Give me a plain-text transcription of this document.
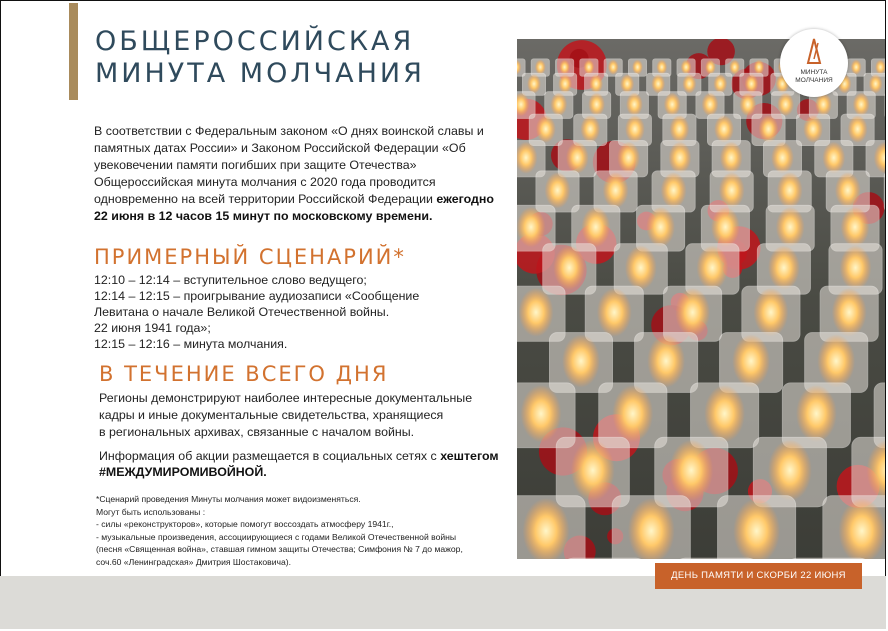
ОБЩЕРОССИЙСКАЯ
МИНУТА МОЛЧАНИЯ
В соответствии с Федеральным законом «О днях воинской славы и памятных датах России» и Законом Российской Федерации «Об увековечении памяти погибших при защите Отечества» Общероссийская минута молчания с 2020 года проводится одновременно на всей территории Российской Федерации ежегодно 22 июня в 12 часов 15 минут по московскому времени.
ПРИМЕРНЫЙ СЦЕНАРИЙ*
12:10 – 12:14 – вступительное слово ведущего;
12:14 – 12:15 – проигрывание аудиозаписи «Сообщение
Левитана о начале Великой Отечественной войны.
22 июня 1941 года»;
12:15 – 12:16 – минута молчания.
В ТЕЧЕНИЕ ВСЕГО ДНЯ
Регионы демонстрируют наиболее интересные документальные
кадры и иные документальные свидетельства, хранящиеся
в региональных архивах, связанные с началом войны.
Информация об акции размещается в социальных сетях с хештегом #МЕЖДУМИРОМИВОЙНОЙ.
*Сценарий проведения Минуты молчания может видоизменяться.
Могут быть использованы :
- силы «реконструкторов», которые помогут воссоздать атмосферу 1941г.,
- музыкальные произведения, ассоциирующиеся с годами Великой Отечественной войны
(песня «Священная война», ставшая гимном защиты Отечества; Симфония № 7 до мажор,
соч.60 «Ленинградская» Дмитрия Шостаковича).
МИНУТА
МОЛЧАНИЯ
ДЕНЬ ПАМЯТИ И СКОРБИ 22 ИЮНЯ
